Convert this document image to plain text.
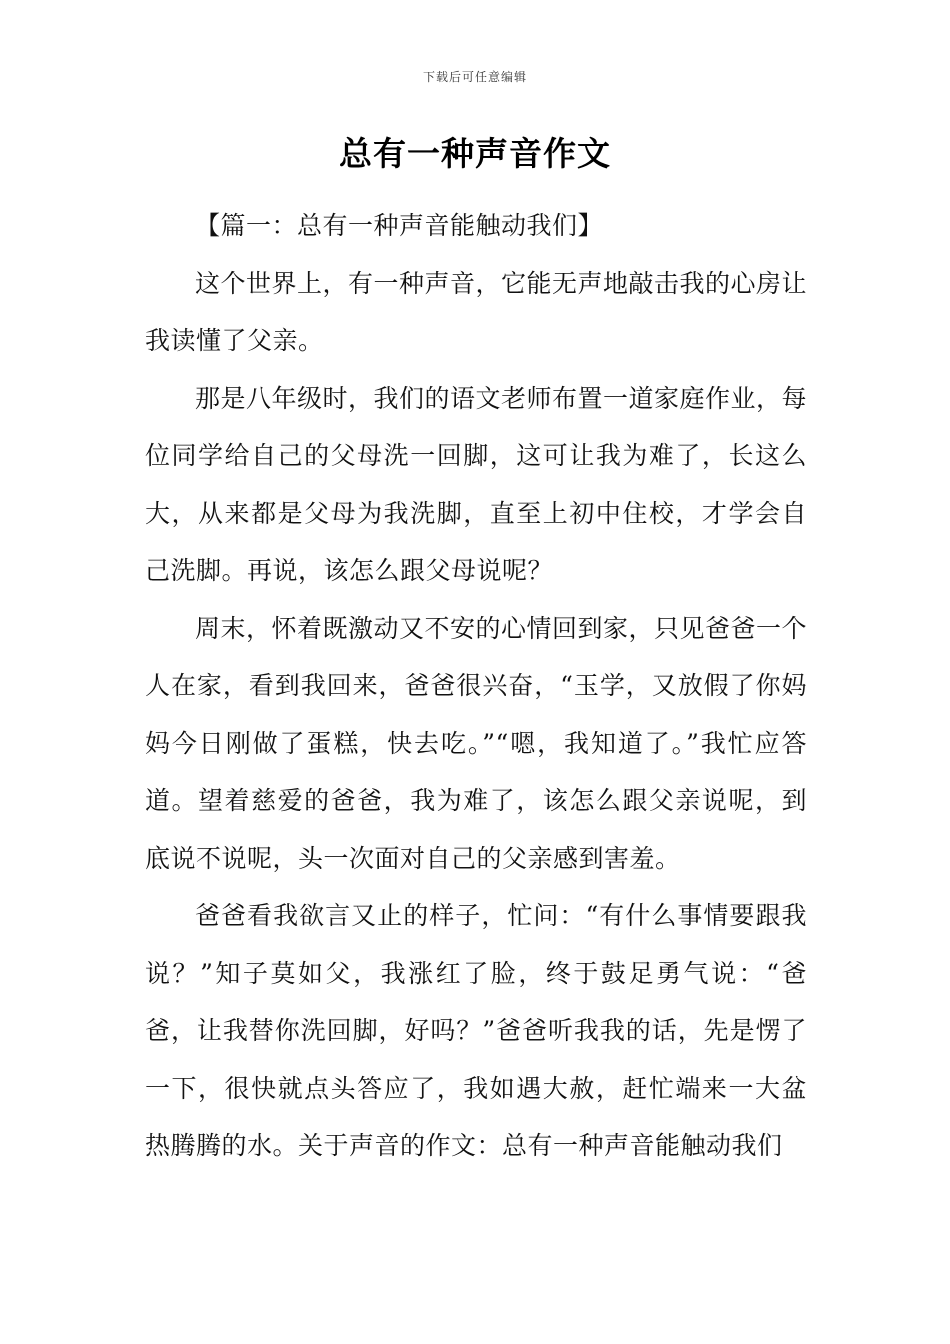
下载后可任意编辑
总有一种声音作文

【篇一：总有一种声音能触动我们】

这个世界上，有一种声音，它能无声地敲击我的心房让我读懂了父亲。

那是八年级时，我们的语文老师布置一道家庭作业，每位同学给自己的父母洗一回脚，这可让我为难了，长这么大，从来都是父母为我洗脚，直至上初中住校，才学会自己洗脚。再说，该怎么跟父母说呢？

周末，怀着既激动又不安的心情回到家，只见爸爸一个人在家，看到我回来，爸爸很兴奋，“玉学，又放假了你妈妈今日刚做了蛋糕，快去吃。”“嗯，我知道了。”我忙应答道。望着慈爱的爸爸，我为难了，该怎么跟父亲说呢，到底说不说呢，头一次面对自己的父亲感到害羞。

爸爸看我欲言又止的样子，忙问：“有什么事情要跟我说？”知子莫如父，我涨红了脸，终于鼓足勇气说：“爸爸，让我替你洗回脚，好吗？”爸爸听我我的话，先是愣了一下，很快就点头答应了，我如遇大赦，赶忙端来一大盆热腾腾的水。关于声音的作文：总有一种声音能触动我们
